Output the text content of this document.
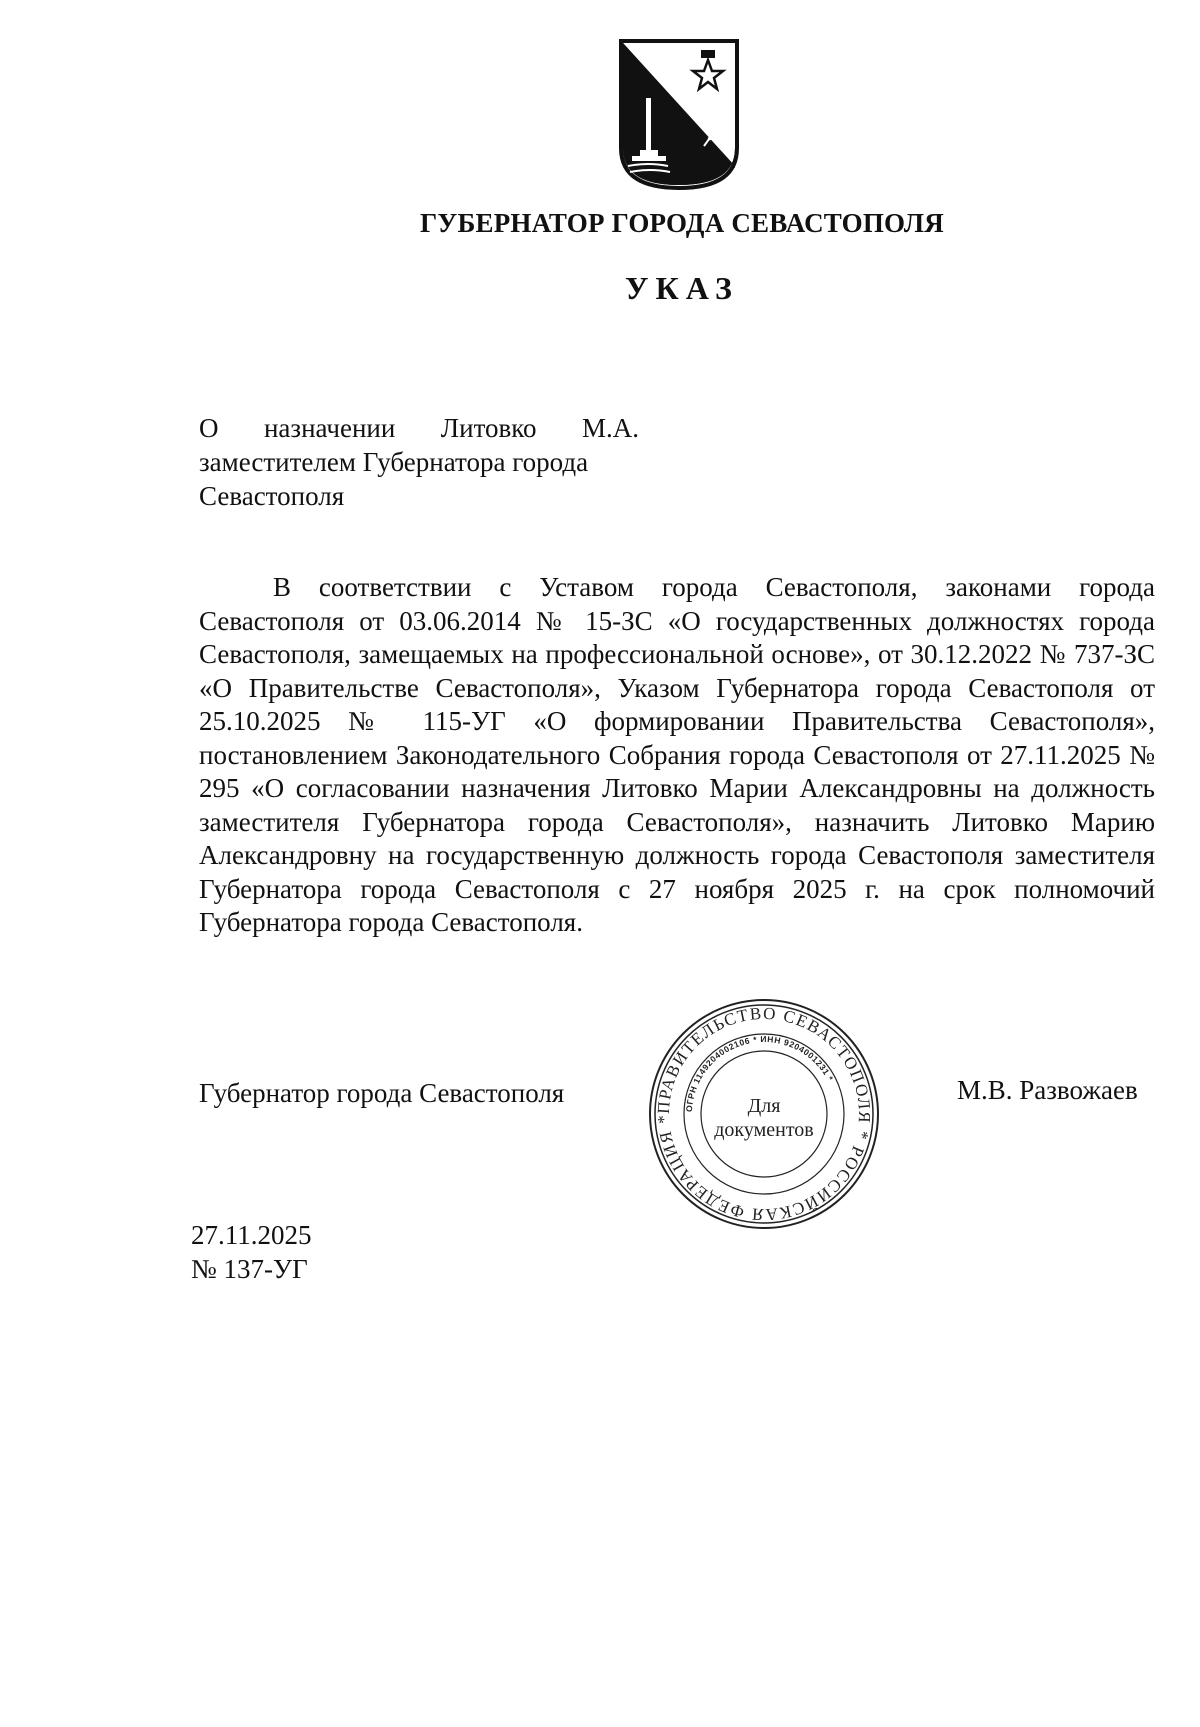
ГУБЕРНАТОР ГОРОДА СЕВАСТОПОЛЯ
УКАЗ
О назначении Литовко М.А.
заместителем Губернатора города
Севастополя

В соответствии с Уставом города Севастополя, законами города Севастополя от 03.06.2014 № 15-ЗС «О государственных должностях города Севастополя, замещаемых на профессиональной основе», от 30.12.2022 № 737-ЗС «О Правительстве Севастополя», Указом Губернатора города Севастополя от 25.10.2025 № 115-УГ «О формировании Правительства Севастополя», постановлением Законодательного Собрания города Севастополя от 27.11.2025 № 295 «О согласовании назначения Литовко Марии Александровны на должность заместителя Губернатора города Севастополя», назначить Литовко Марию Александровну на государственную должность города Севастополя заместителя Губернатора города Севастополя с 27 ноября 2025 г. на срок полномочий Губернатора города Севастополя.

Губернатор города Севастополя	ПРАВИТЕЛЬСТВО СЕВАСТОПОЛЯ * РОССИЙСКАЯ ФЕДЕРАЦИЯ *
ОГРН 1149204002106 * ИНН 9204001231 *
Для
документов
М.В. Развожаев
27.11.2025
№ 137-УГ
